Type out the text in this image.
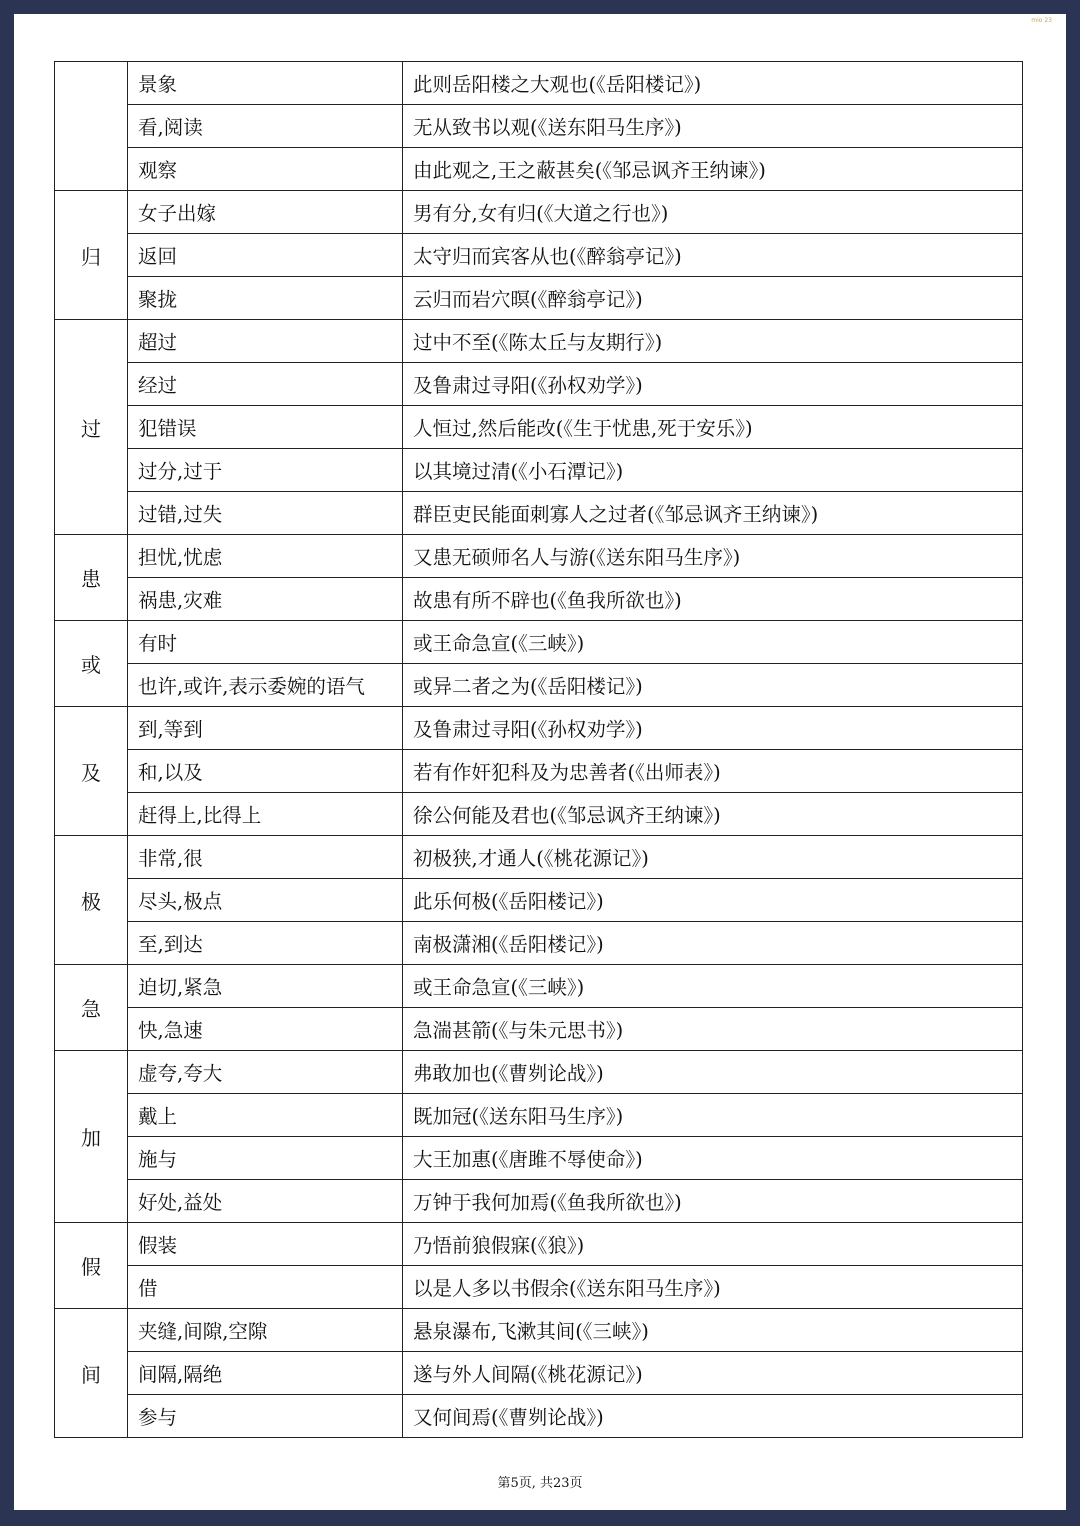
mio 23
	景象	此则岳阳楼之大观也(《岳阳楼记》)
	看,阅读	无从致书以观(《送东阳马生序》)
	观察	由此观之,王之蔽甚矣(《邹忌讽齐王纳谏》)
归	女子出嫁	男有分,女有归(《大道之行也》)
	返回	太守归而宾客从也(《醉翁亭记》)
	聚拢	云归而岩穴暝(《醉翁亭记》)
过	超过	过中不至(《陈太丘与友期行》)
	经过	及鲁肃过寻阳(《孙权劝学》)
	犯错误	人恒过,然后能改(《生于忧患,死于安乐》)
	过分,过于	以其境过清(《小石潭记》)
	过错,过失	群臣吏民能面刺寡人之过者(《邹忌讽齐王纳谏》)
患	担忧,忧虑	又患无硕师名人与游(《送东阳马生序》)
	祸患,灾难	故患有所不辟也(《鱼我所欲也》)
或	有时	或王命急宣(《三峡》)
	也许,或许,表示委婉的语气	或异二者之为(《岳阳楼记》)
及	到,等到	及鲁肃过寻阳(《孙权劝学》)
	和,以及	若有作奸犯科及为忠善者(《出师表》)
	赶得上,比得上	徐公何能及君也(《邹忌讽齐王纳谏》)
极	非常,很	初极狭,才通人(《桃花源记》)
	尽头,极点	此乐何极(《岳阳楼记》)
	至,到达	南极潇湘(《岳阳楼记》)
急	迫切,紧急	或王命急宣(《三峡》)
	快,急速	急湍甚箭(《与朱元思书》)
加	虚夸,夸大	弗敢加也(《曹刿论战》)
	戴上	既加冠(《送东阳马生序》)
	施与	大王加惠(《唐雎不辱使命》)
	好处,益处	万钟于我何加焉(《鱼我所欲也》)
假	假装	乃悟前狼假寐(《狼》)
	借	以是人多以书假余(《送东阳马生序》)
间	夹缝,间隙,空隙	悬泉瀑布,飞漱其间(《三峡》)
	间隔,隔绝	遂与外人间隔(《桃花源记》)
	参与	又何间焉(《曹刿论战》)
第5页, 共23页
